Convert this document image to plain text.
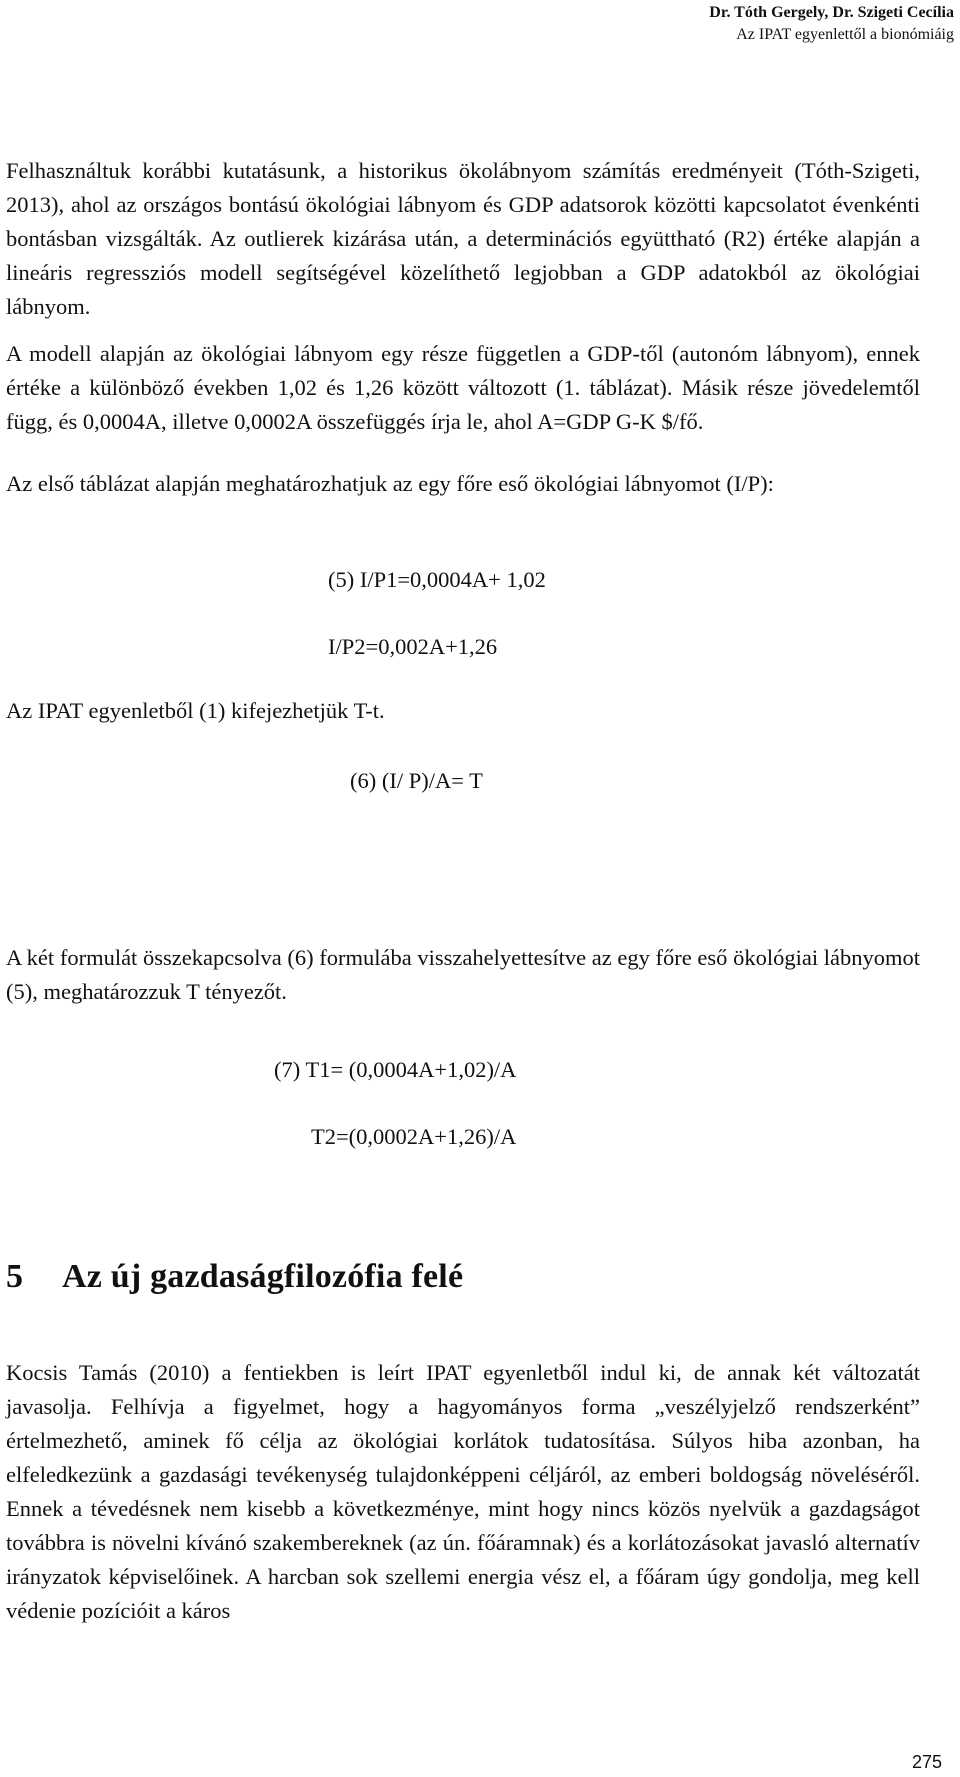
Dr. Tóth Gergely, Dr. Szigeti Cecília
Az IPAT egyenlettől a bionómiáig

Felhasználtuk korábbi kutatásunk, a historikus ökolábnyom számítás eredményeit (Tóth-Szigeti, 2013), ahol az országos bontású ökológiai lábnyom és GDP adatsorok közötti kapcsolatot évenkénti bontásban vizsgálták. Az outlierek kizárása után, a determinációs együttható (R2) értéke alapján a lineáris regressziós modell segítségével közelíthető legjobban a GDP adatokból az ökológiai lábnyom.

A modell alapján az ökológiai lábnyom egy része független a GDP-től (autonóm lábnyom), ennek értéke a különböző években 1,02 és 1,26 között változott (1. táblázat). Másik része jövedelemtől függ, és 0,0004A, illetve 0,0002A összefüggés írja le, ahol A=GDP G-K $/fő.

Az első táblázat alapján meghatározhatjuk az egy főre eső ökológiai lábnyomot (I/P):

(5) I/P1=0,0004A+ 1,02
I/P2=0,002A+1,26
Az IPAT egyenletből (1) kifejezhetjük T-t.
(6) (I/ P)/A= T

A két formulát összekapcsolva (6) formulába visszahelyettesítve az egy főre eső ökológiai lábnyomot (5), meghatározzuk T tényezőt.

(7) T1= (0,0004A+1,02)/A
T2=(0,0002A+1,26)/A
5 Az új gazdaságfilozófia felé

Kocsis Tamás (2010) a fentiekben is leírt IPAT egyenletből indul ki, de annak két változatát javasolja. Felhívja a figyelmet, hogy a hagyományos forma „veszélyjelző rendszerként” értelmezhető, aminek fő célja az ökológiai korlátok tudatosítása. Súlyos hiba azonban, ha elfeledkezünk a gazdasági tevékenység tulajdonképpeni céljáról, az emberi boldogság növeléséről. Ennek a tévedésnek nem kisebb a következménye, mint hogy nincs közös nyelvük a gazdagságot továbbra is növelni kívánó szakembereknek (az ún. főáramnak) és a korlátozásokat javasló alternatív irányzatok képviselőinek. A harcban sok szellemi energia vész el, a főáram úgy gondolja, meg kell védenie pozícióit a káros

275
